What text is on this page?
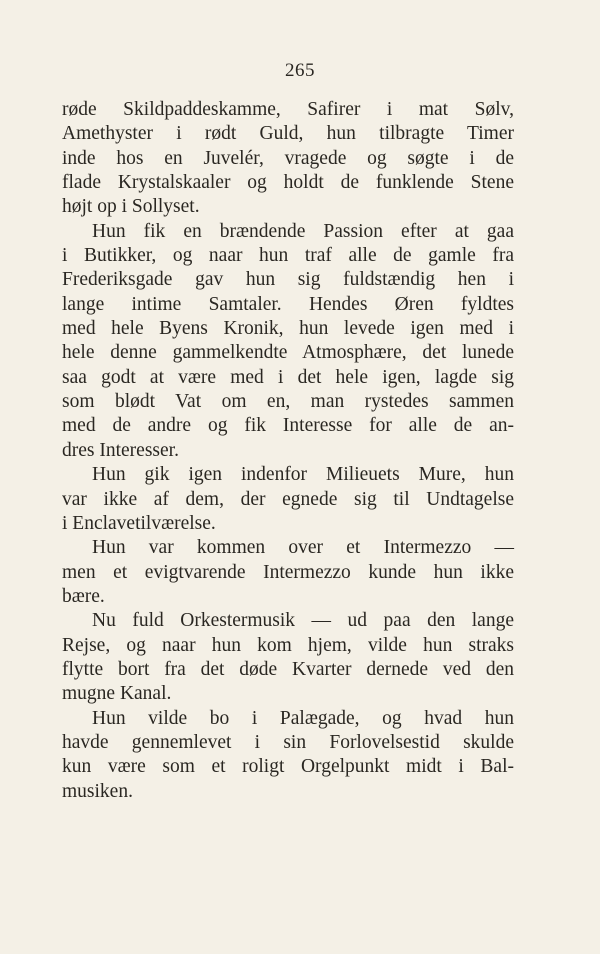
265
røde Skildpaddeskamme, Safirer i mat Sølv,
Amethyster i rødt Guld, hun tilbragte Timer
inde hos en Juvelér, vragede og søgte i de
flade Krystalskaaler og holdt de funklende Stene
højt op i Sollyset.
Hun fik en brændende Passion efter at gaa
i Butikker, og naar hun traf alle de gamle fra
Frederiksgade gav hun sig fuldstændig hen i
lange intime Samtaler. Hendes Øren fyldtes
med hele Byens Kronik, hun levede igen med i
hele denne gammelkendte Atmosphære, det lunede
saa godt at være med i det hele igen, lagde sig
som blødt Vat om en, man rystedes sammen
med de andre og fik Interesse for alle de an-
dres Interesser.
Hun gik igen indenfor Milieuets Mure, hun
var ikke af dem, der egnede sig til Undtagelse
i Enclavetilværelse.
Hun var kommen over et Intermezzo —
men et evigtvarende Intermezzo kunde hun ikke
bære.
Nu fuld Orkestermusik — ud paa den lange
Rejse, og naar hun kom hjem, vilde hun straks
flytte bort fra det døde Kvarter dernede ved den
mugne Kanal.
Hun vilde bo i Palægade, og hvad hun
havde gennemlevet i sin Forlovelsestid skulde
kun være som et roligt Orgelpunkt midt i Bal-
musiken.
